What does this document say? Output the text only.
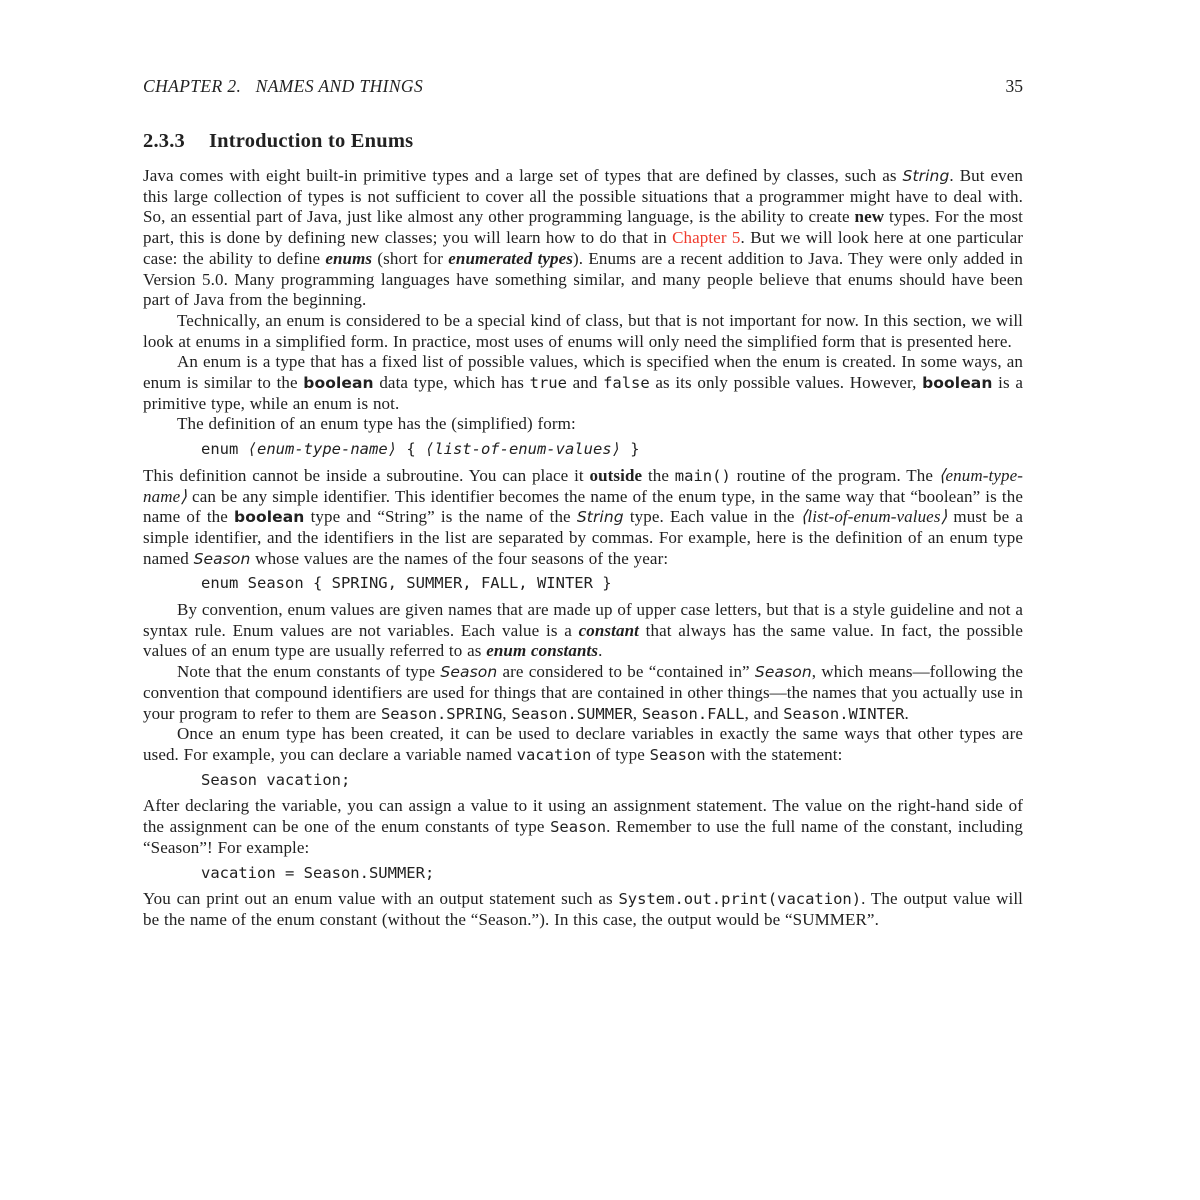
CHAPTER 2.   NAMES AND THINGS	35
2.3.3 Introduction to Enums
Java comes with eight built-in primitive types and a large set of types that are defined by classes, such as String. But even this large collection of types is not sufficient to cover all the possible situations that a programmer might have to deal with. So, an essential part of Java, just like almost any other programming language, is the ability to create new types. For the most part, this is done by defining new classes; you will learn how to do that in Chapter 5. But we will look here at one particular case: the ability to define enums (short for enumerated types). Enums are a recent addition to Java. They were only added in Version 5.0. Many programming languages have something similar, and many people believe that enums should have been part of Java from the beginning.
Technically, an enum is considered to be a special kind of class, but that is not important for now. In this section, we will look at enums in a simplified form. In practice, most uses of enums will only need the simplified form that is presented here.
An enum is a type that has a fixed list of possible values, which is specified when the enum is created. In some ways, an enum is similar to the boolean data type, which has true and false as its only possible values. However, boolean is a primitive type, while an enum is not.
The definition of an enum type has the (simplified) form:
enum ⟨enum-type-name⟩ { ⟨list-of-enum-values⟩ }
This definition cannot be inside a subroutine. You can place it outside the main() routine of the program. The ⟨enum-type-name⟩ can be any simple identifier. This identifier becomes the name of the enum type, in the same way that “boolean” is the name of the boolean type and “String” is the name of the String type. Each value in the ⟨list-of-enum-values⟩ must be a simple identifier, and the identifiers in the list are separated by commas. For example, here is the definition of an enum type named Season whose values are the names of the four seasons of the year:
enum Season { SPRING, SUMMER, FALL, WINTER }
By convention, enum values are given names that are made up of upper case letters, but that is a style guideline and not a syntax rule. Enum values are not variables. Each value is a constant that always has the same value. In fact, the possible values of an enum type are usually referred to as enum constants.
Note that the enum constants of type Season are considered to be “contained in” Season, which means—following the convention that compound identifiers are used for things that are contained in other things—the names that you actually use in your program to refer to them are Season.SPRING, Season.SUMMER, Season.FALL, and Season.WINTER.
Once an enum type has been created, it can be used to declare variables in exactly the same ways that other types are used. For example, you can declare a variable named vacation of type Season with the statement:
Season vacation;
After declaring the variable, you can assign a value to it using an assignment statement. The value on the right-hand side of the assignment can be one of the enum constants of type Season. Remember to use the full name of the constant, including “Season”! For example:
vacation = Season.SUMMER;
You can print out an enum value with an output statement such as System.out.print(vacation). The output value will be the name of the enum constant (without the “Season.”). In this case, the output would be “SUMMER”.
